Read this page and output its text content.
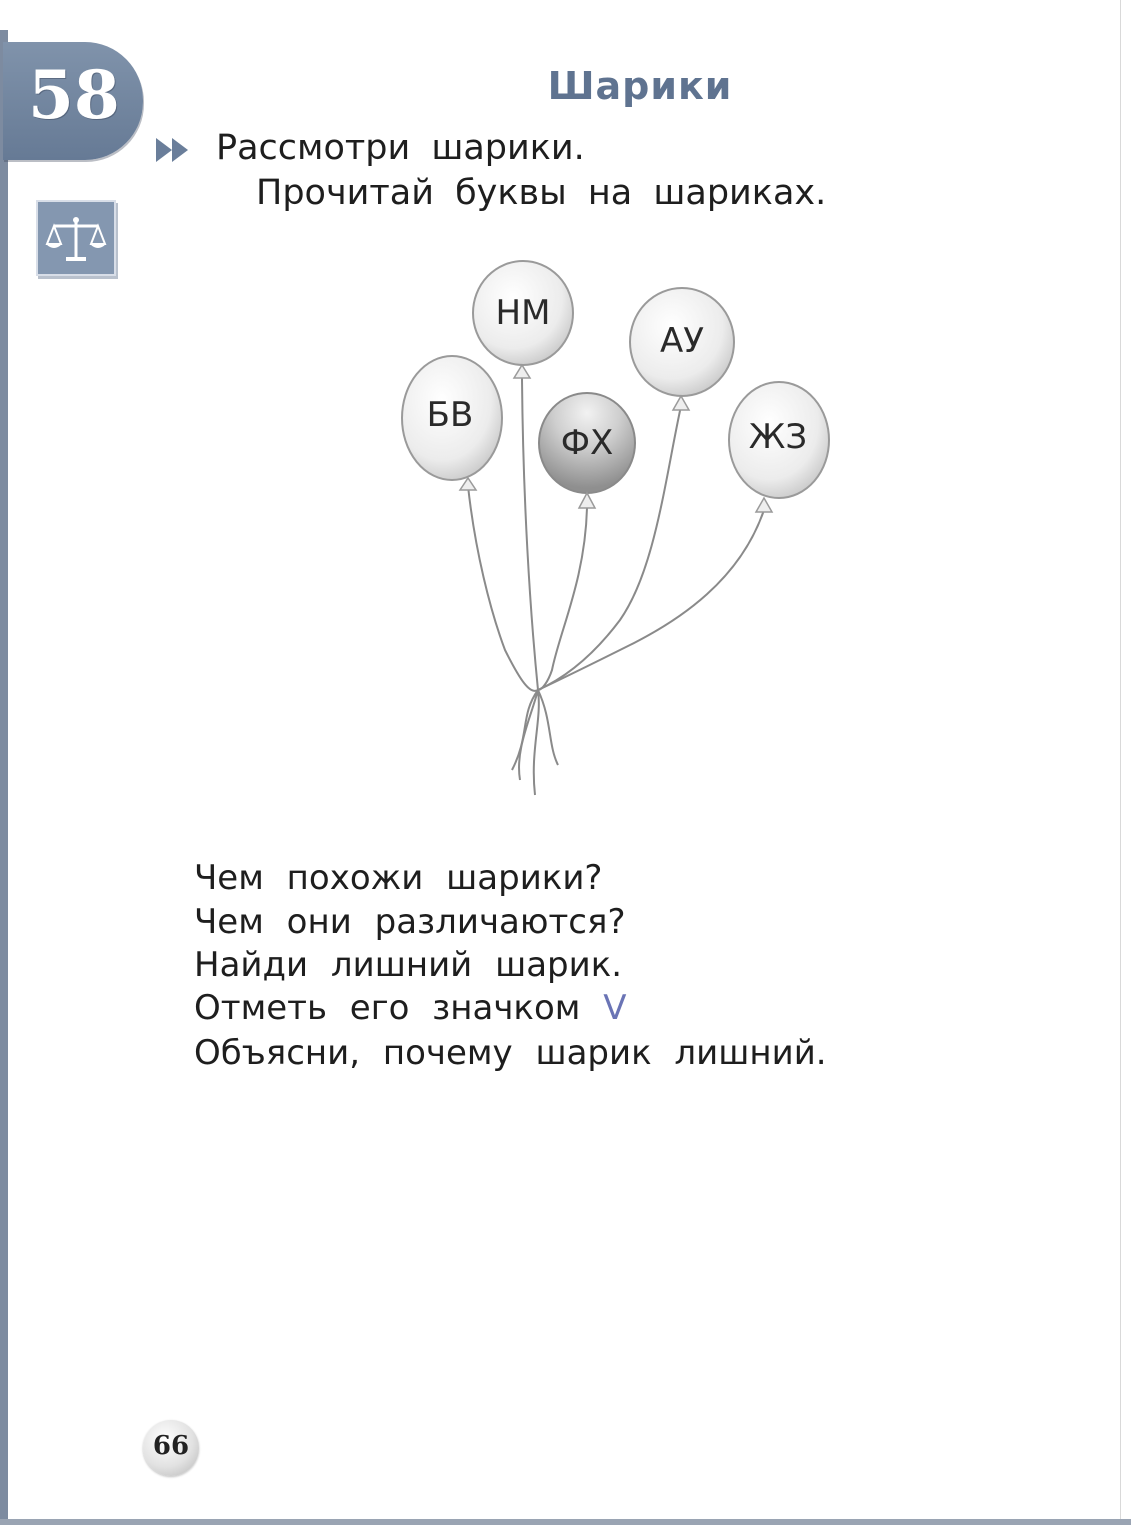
58	Шарики
Рассмотри шарики.
Прочитай буквы на шариках.
БВ
НМ
ФХ
АУ
ЖЗ
Чем похожи шарики?
Чем они различаются?
Найди лишний шарик.
Отметь его значком V
Объясни, почему шарик лишний.
66
